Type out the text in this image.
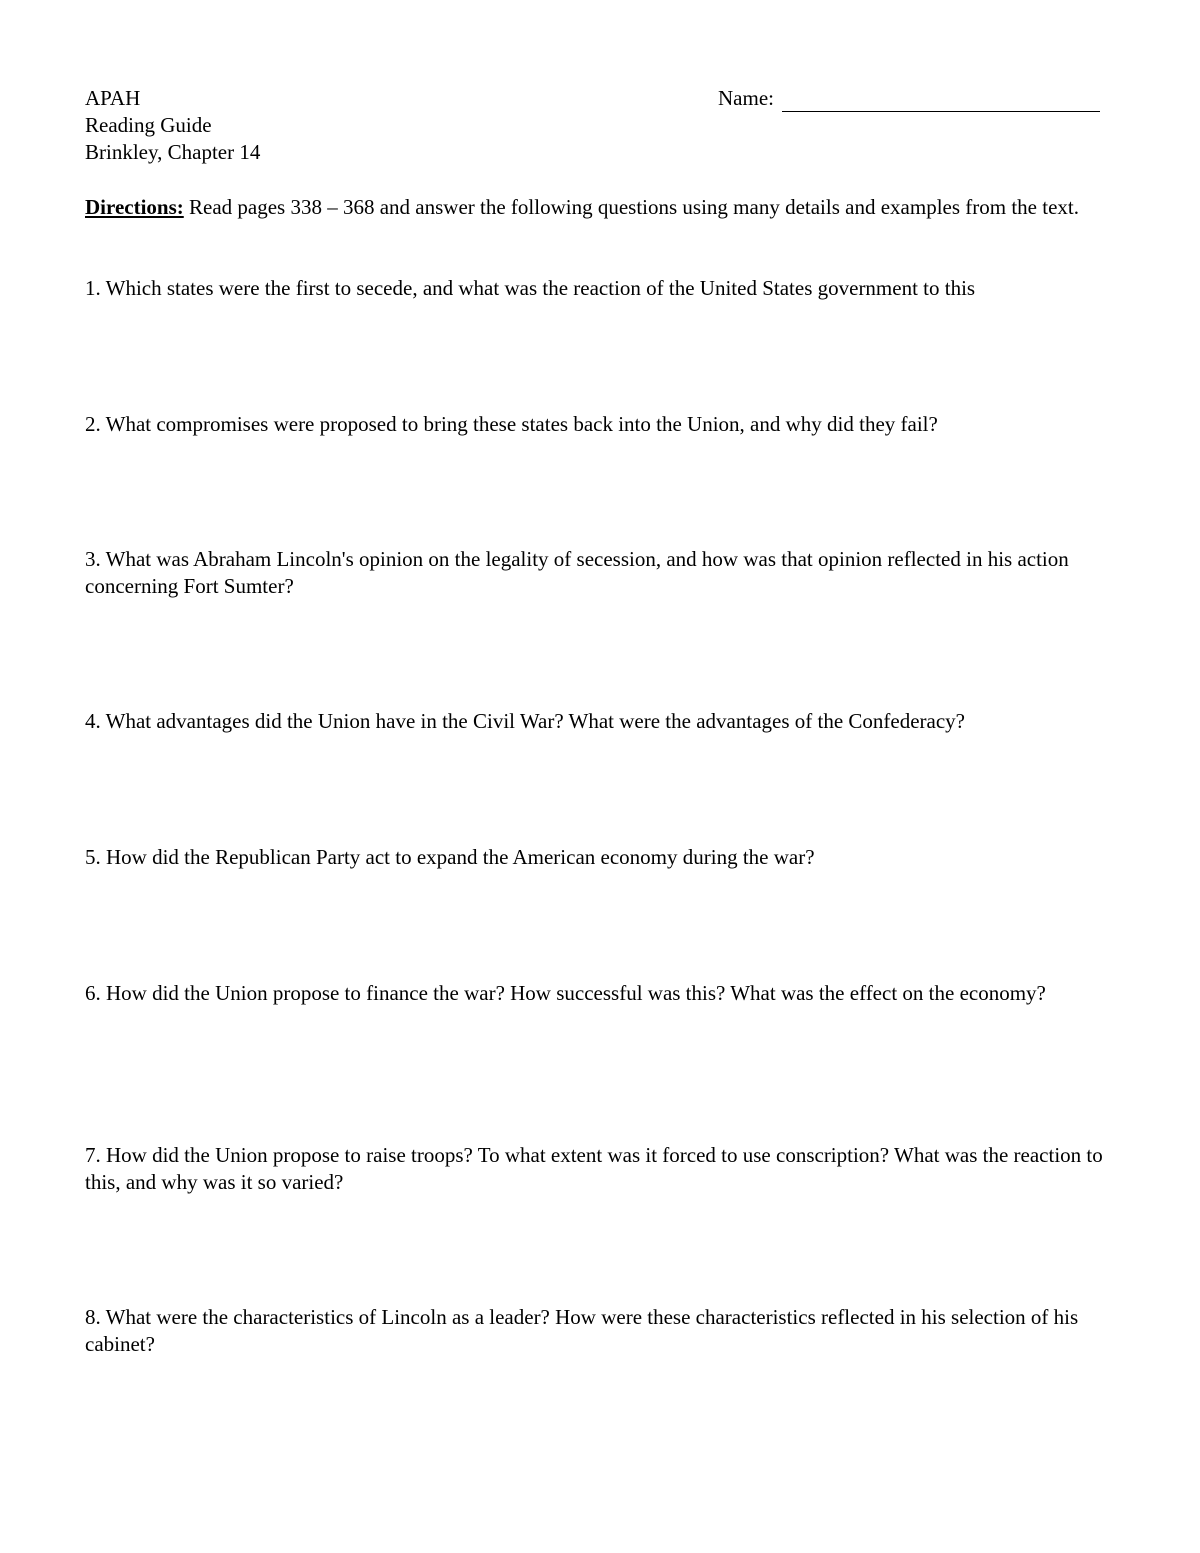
APAH
Reading Guide
Brinkley, Chapter 14
Name:
Directions: Read pages 338 – 368 and answer the following questions using many details and examples from the text.
1. Which states were the first to secede, and what was the reaction of the United States government to this
2. What compromises were proposed to bring these states back into the Union, and why did they fail?
3. What was Abraham Lincoln's opinion on the legality of secession, and how was that opinion reflected in his action concerning Fort Sumter?
4. What advantages did the Union have in the Civil War? What were the advantages of the Confederacy?
5. How did the Republican Party act to expand the American economy during the war?
6. How did the Union propose to finance the war? How successful was this? What was the effect on the economy?
7. How did the Union propose to raise troops? To what extent was it forced to use conscription? What was the reaction to this, and why was it so varied?
8. What were the characteristics of Lincoln as a leader? How were these characteristics reflected in his selection of his cabinet?
